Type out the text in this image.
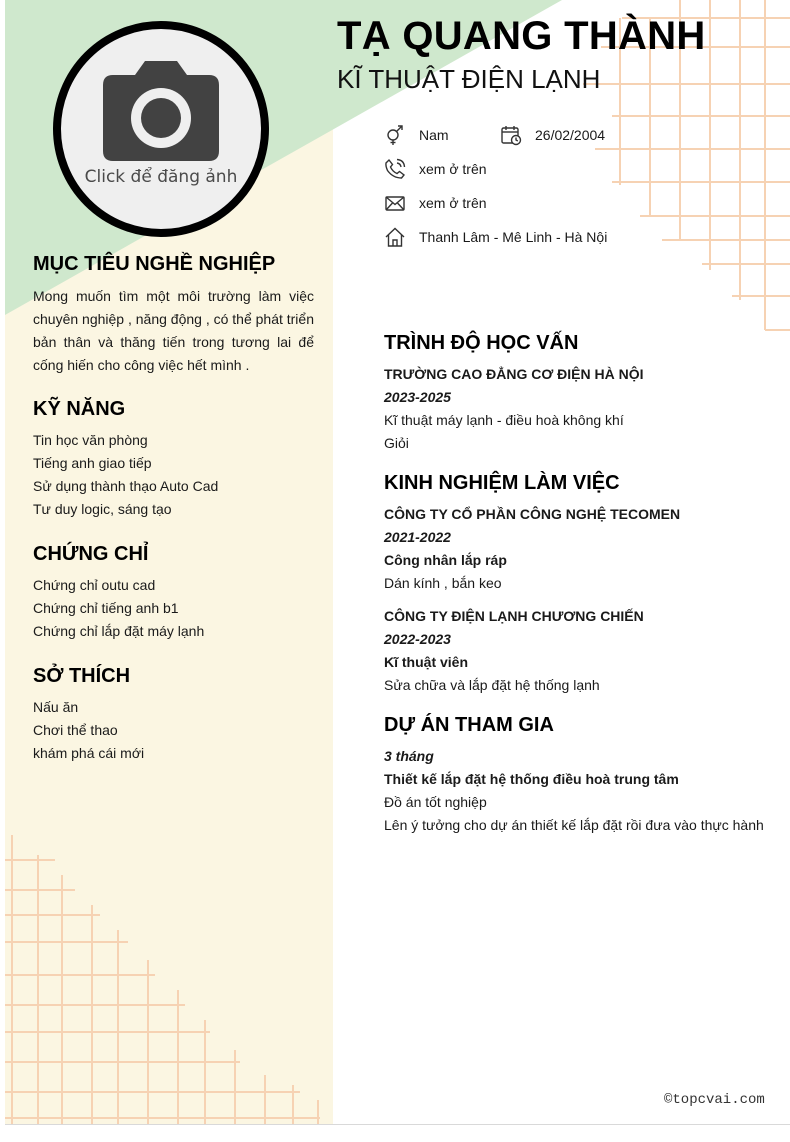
Click để đăng ảnh
TẠ QUANG THÀNH
KĨ THUẬT ĐIỆN LẠNH
Nam	26/02/2004
xem ở trên
xem ở trên
Thanh Lâm - Mê Linh - Hà Nội
MỤC TIÊU NGHỀ NGHIỆP
Mong muốn tìm một môi trường làm việc chuyên nghiệp , năng động , có thể phát triển bản thân và thăng tiến trong tương lai để cống hiến cho công việc hết mình .
KỸ NĂNG
Tin học văn phòng
Tiếng anh giao tiếp
Sử dụng thành thạo Auto Cad
Tư duy logic, sáng tạo
CHỨNG CHỈ
Chứng chỉ outu cad
Chứng chỉ tiếng anh b1
Chứng chỉ lắp đặt máy lạnh
SỞ THÍCH
Nấu ăn
Chơi thể thao
khám phá cái mới
TRÌNH ĐỘ HỌC VẤN
TRƯỜNG CAO ĐẲNG CƠ ĐIỆN HÀ NỘI
2023-2025
Kĩ thuật máy lạnh - điều hoà không khí
Giỏi
KINH NGHIỆM LÀM VIỆC
CÔNG TY CỔ PHẦN CÔNG NGHỆ TECOMEN
2021-2022
Công nhân lắp ráp
Dán kính , bắn keo
CÔNG TY ĐIỆN LẠNH CHƯƠNG CHIẾN
2022-2023
Kĩ thuật viên
Sửa chữa và lắp đặt hệ thống lạnh
DỰ ÁN THAM GIA
3 tháng
Thiết kế lắp đặt hệ thống điều hoà trung tâm
Đồ án tốt nghiệp
Lên ý tưởng cho dự án thiết kế lắp đặt rồi đưa vào thực hành
©topcvai.com
